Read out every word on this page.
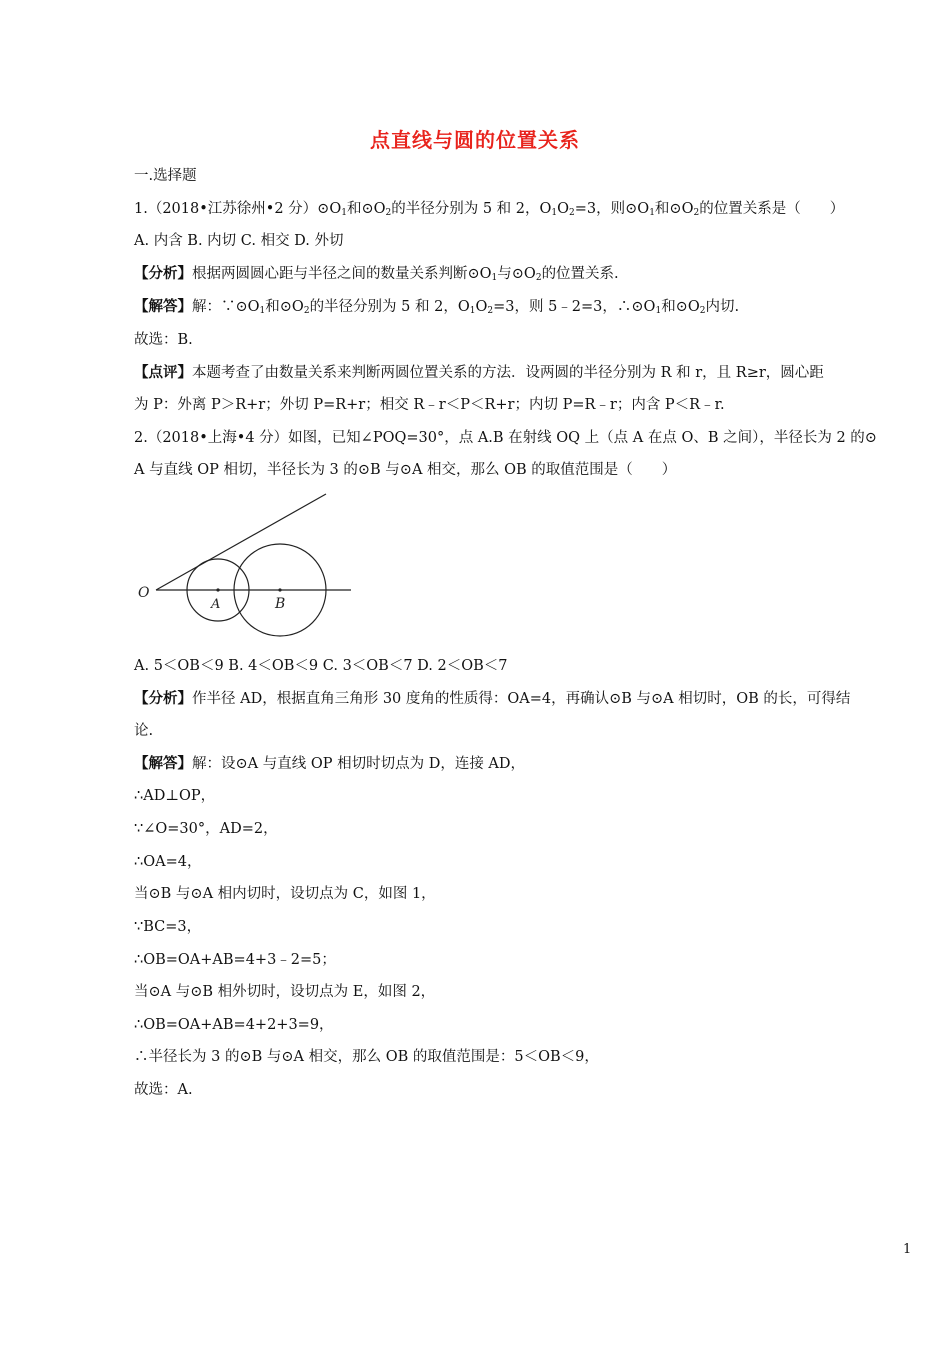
点直线与圆的位置关系
一.选择题
1.（2018•江苏徐州•2 分）$⊙O_1$和$⊙O_2$的半径分别为 5 和 2，$O_1O_2=3$，则$⊙O_1$和$⊙O_2$的位置关系是（　　）
A. 内含 B. 内切 C. 相交 D. 外切
【分析】根据两圆圆心距与半径之间的数量关系判断$⊙O_1$与$⊙O_2$的位置关系.
【解答】解：$\because⊙O_1$和$⊙O_2$的半径分别为 5 和 2，$O_1O_2=3$，则 5﹣2=3，$\therefore⊙O_1$和$⊙O_2$内切.
故选：B.
【点评】本题考查了由数量关系来判断两圆位置关系的方法．设两圆的半径分别为 R 和 r，且 R≥r，圆心距
为 P：外离 P＞R+r；外切 P=R+r；相交 R﹣r＜P＜R+r；内切 P=R﹣r；内含 P＜R﹣r.
2.（2018•上海•4 分）如图，已知∠POQ=30°，点 A.B 在射线 OQ 上（点 A 在点 O、B 之间），半径长为 2 的⊙
A 与直线 OP 相切，半径长为 3 的⊙B 与⊙A 相交，那么 OB 的取值范围是（　　）
O
A	B
A. 5＜OB＜9 B. 4＜OB＜9 C. 3＜OB＜7 D. 2＜OB＜7
【分析】作半径 AD，根据直角三角形 30 度角的性质得：OA=4，再确认⊙B 与⊙A 相切时，OB 的长，可得结
论.
【解答】解：设⊙A 与直线 OP 相切时切点为 D，连接 AD，
∴AD⊥OP，
∵∠O=30°，AD=2，
∴OA=4，
当⊙B 与⊙A 相内切时，设切点为 C，如图 1，
∵BC=3，
∴OB=OA+AB=4+3﹣2=5；
当⊙A 与⊙B 相外切时，设切点为 E，如图 2，
∴OB=OA+AB=4+2+3=9，
∴半径长为 3 的⊙B 与⊙A 相交，那么 OB 的取值范围是：5＜OB＜9，
故选：A.
1
